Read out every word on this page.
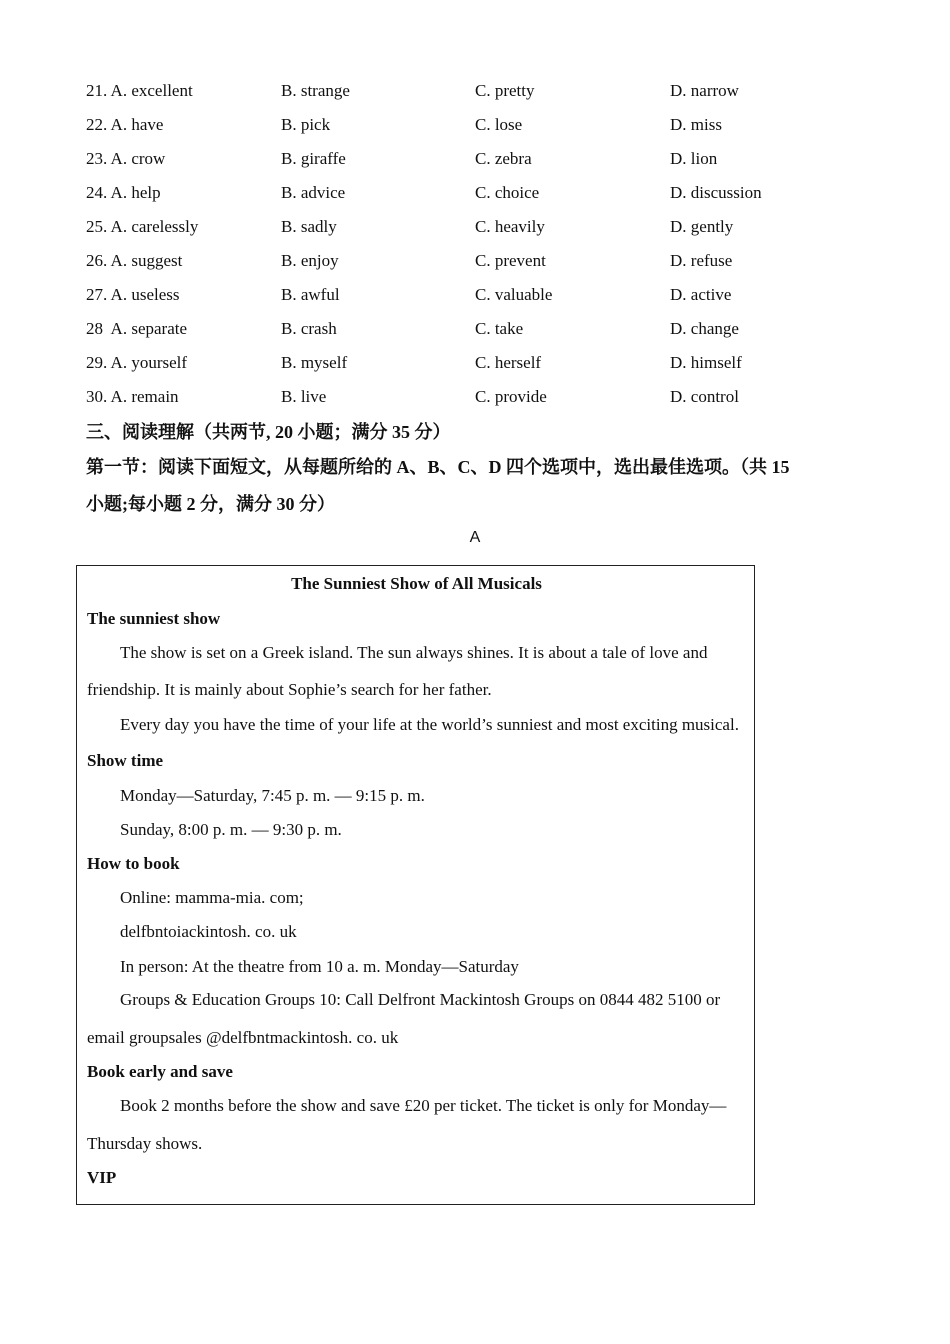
21. A. excellent	B. strange	C. pretty	D. narrow
22. A. have	B. pick	C. lose	D. miss
23. A. crow	B. giraffe	C. zebra	D. lion
24. A. help	B. advice	C. choice	D. discussion
25. A. carelessly	B. sadly	C. heavily	D. gently
26. A. suggest	B. enjoy	C. prevent	D. refuse
27. A. useless	B. awful	C. valuable	D. active
28  A. separate	B. crash	C. take	D. change
29. A. yourself	B. myself	C. herself	D. himself
30. A. remain	B. live	C. provide	D. control
三、阅读理解（共两节, 20 小题；满分 35 分）
第一节：阅读下面短文，从每题所给的 A、B、C、D 四个选项中，选出最佳选项。（共 15
小题;每小题 2 分，满分 30 分）
A
The Sunniest Show of All Musicals
The sunniest show
The show is set on a Greek island. The sun always shines. It is about a tale of love and
friendship. It is mainly about Sophie’s search for her father.
Every day you have the time of your life at the world’s sunniest and most exciting musical.
Show time
Monday—Saturday, 7:45 p. m. — 9:15 p. m.
Sunday, 8:00 p. m. — 9:30 p. m.
How to book
Online: mamma-mia. com;
delfbntoiackintosh. co. uk
In person: At the theatre from 10 a. m. Monday—Saturday
Groups & Education Groups 10: Call Delfront Mackintosh Groups on 0844 482 5100 or
email groupsales @delfbntmackintosh. co. uk
Book early and save
Book 2 months before the show and save £20 per ticket. The ticket is only for Monday—
Thursday shows.
VIP
